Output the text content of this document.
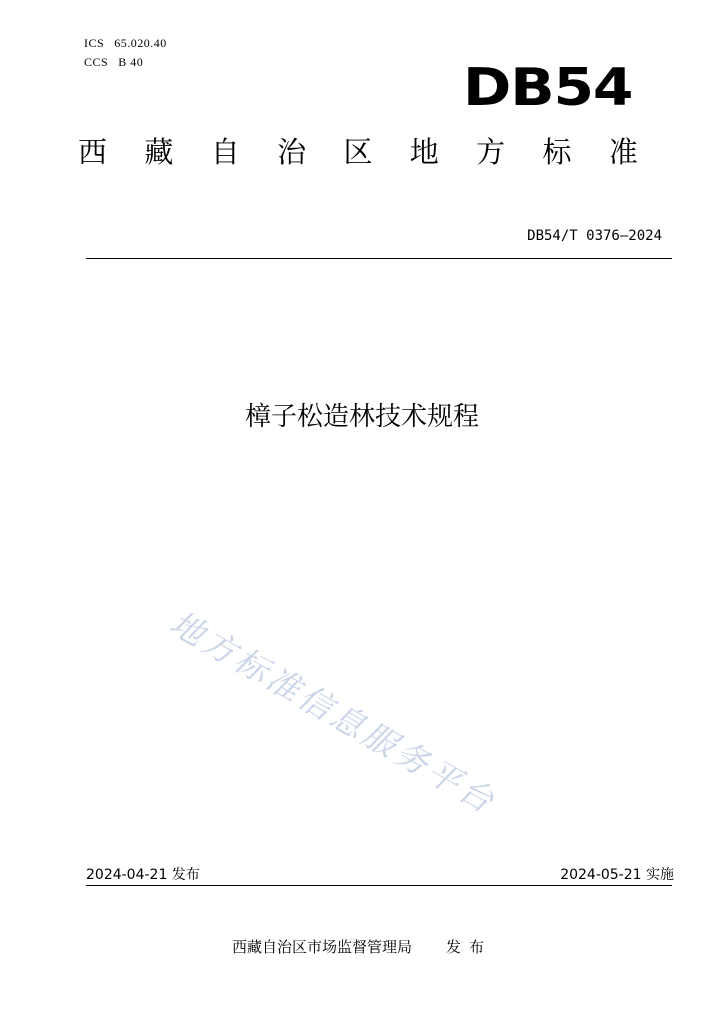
ICS 65.020.40
CCS B 40	DB54
西 藏 自 治 区 地 方 标 准
DB54/T 0376—2024
樟子松造林技术规程
地方标准信息服务平台
2024-04-21 发布	2024-05-21 实施
西藏自治区市场监督管理局 发布
